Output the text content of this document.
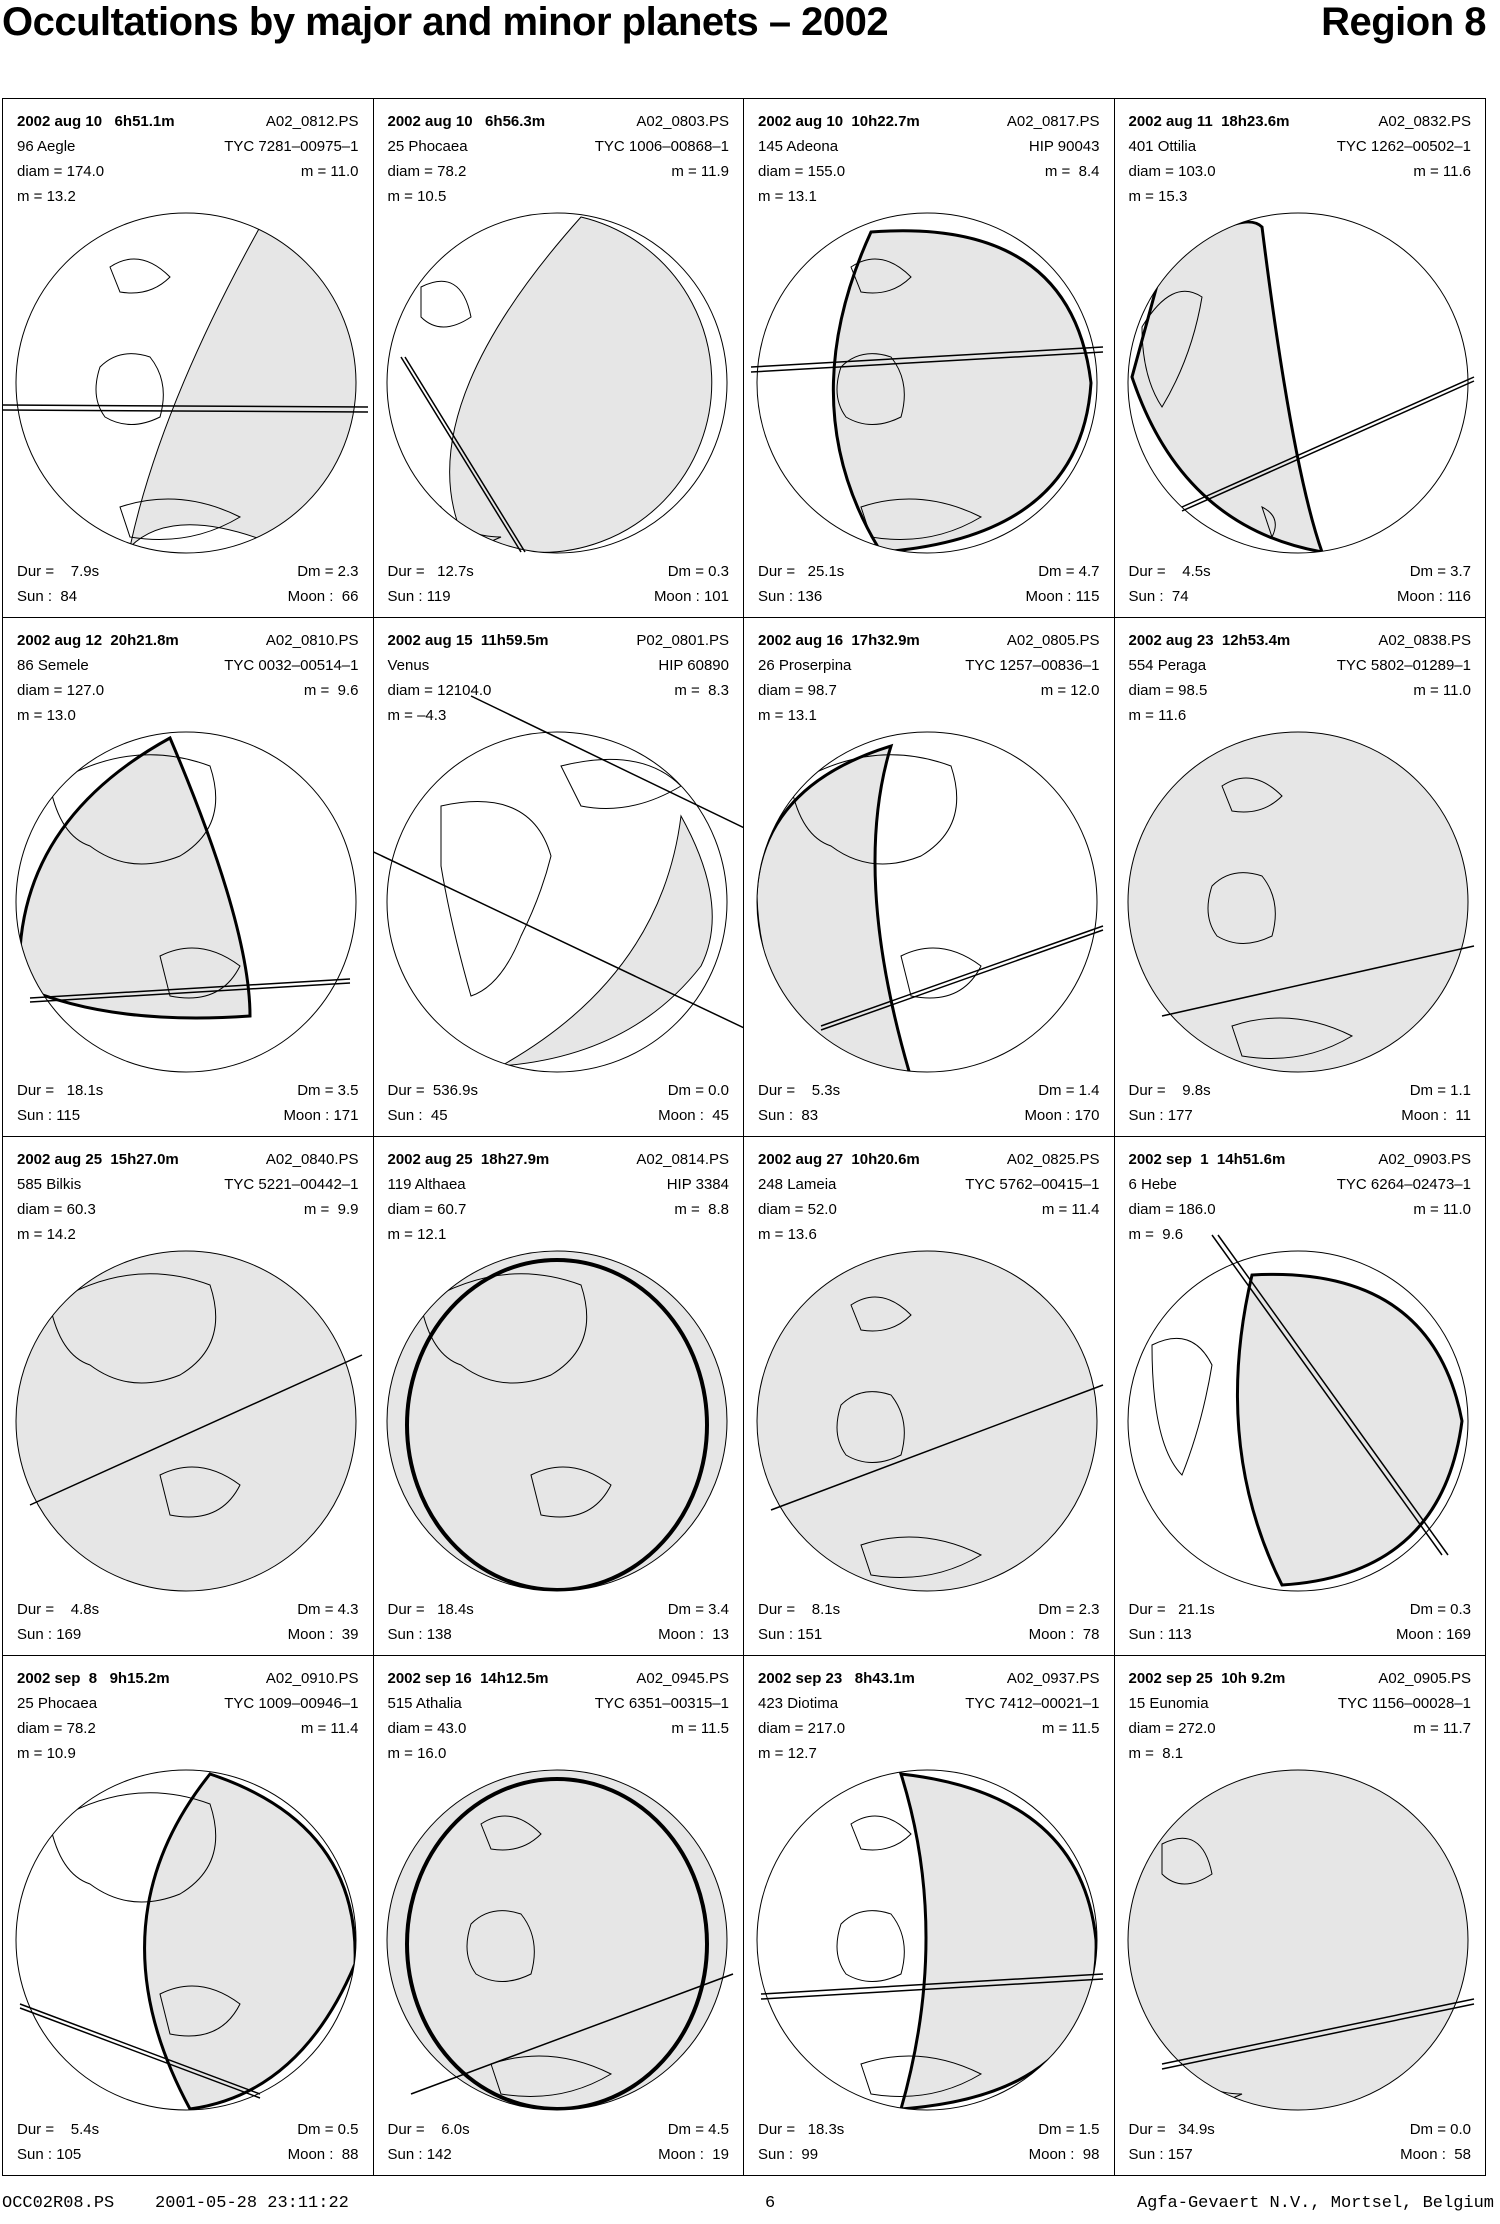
Occultations by major and minor planets – 2002	Region 8
2002 aug 10   6h51.1m	A02_0812.PS
96 Aegle	TYC 7281–00975–1
diam = 174.0	m = 11.0
m = 13.2
Dur =    7.9s	Dm = 2.3
Sun :  84	Moon :  66
2002 aug 10   6h56.3m	A02_0803.PS
25 Phocaea	TYC 1006–00868–1
diam = 78.2	m = 11.9
m = 10.5
Dur =   12.7s	Dm = 0.3
Sun : 119	Moon : 101
2002 aug 10  10h22.7m	A02_0817.PS
145 Adeona	HIP 90043
diam = 155.0	m =  8.4
m = 13.1
Dur =   25.1s	Dm = 4.7
Sun : 136	Moon : 115
2002 aug 11  18h23.6m	A02_0832.PS
401 Ottilia	TYC 1262–00502–1
diam = 103.0	m = 11.6
m = 15.3
Dur =    4.5s	Dm = 3.7
Sun :  74	Moon : 116
2002 aug 12  20h21.8m	A02_0810.PS
86 Semele	TYC 0032–00514–1
diam = 127.0	m =  9.6
m = 13.0
Dur =   18.1s	Dm = 3.5
Sun : 115	Moon : 171
2002 aug 15  11h59.5m	P02_0801.PS
Venus	HIP 60890
diam = 12104.0	m =  8.3
m = –4.3
Dur =  536.9s	Dm = 0.0
Sun :  45	Moon :  45
2002 aug 16  17h32.9m	A02_0805.PS
26 Proserpina	TYC 1257–00836–1
diam = 98.7	m = 12.0
m = 13.1
Dur =    5.3s	Dm = 1.4
Sun :  83	Moon : 170
2002 aug 23  12h53.4m	A02_0838.PS
554 Peraga	TYC 5802–01289–1
diam = 98.5	m = 11.0
m = 11.6
Dur =    9.8s	Dm = 1.1
Sun : 177	Moon :  11
2002 aug 25  15h27.0m	A02_0840.PS
585 Bilkis	TYC 5221–00442–1
diam = 60.3	m =  9.9
m = 14.2
Dur =    4.8s	Dm = 4.3
Sun : 169	Moon :  39
2002 aug 25  18h27.9m	A02_0814.PS
119 Althaea	HIP 3384
diam = 60.7	m =  8.8
m = 12.1
Dur =   18.4s	Dm = 3.4
Sun : 138	Moon :  13
2002 aug 27  10h20.6m	A02_0825.PS
248 Lameia	TYC 5762–00415–1
diam = 52.0	m = 11.4
m = 13.6
Dur =    8.1s	Dm = 2.3
Sun : 151	Moon :  78
2002 sep  1  14h51.6m	A02_0903.PS
6 Hebe	TYC 6264–02473–1
diam = 186.0	m = 11.0
m =  9.6
Dur =   21.1s	Dm = 0.3
Sun : 113	Moon : 169
2002 sep  8   9h15.2m	A02_0910.PS
25 Phocaea	TYC 1009–00946–1
diam = 78.2	m = 11.4
m = 10.9
Dur =    5.4s	Dm = 0.5
Sun : 105	Moon :  88
2002 sep 16  14h12.5m	A02_0945.PS
515 Athalia	TYC 6351–00315–1
diam = 43.0	m = 11.5
m = 16.0
Dur =    6.0s	Dm = 4.5
Sun : 142	Moon :  19
2002 sep 23   8h43.1m	A02_0937.PS
423 Diotima	TYC 7412–00021–1
diam = 217.0	m = 11.5
m = 12.7
Dur =   18.3s	Dm = 1.5
Sun :  99	Moon :  98
2002 sep 25  10h 9.2m	A02_0905.PS
15 Eunomia	TYC 1156–00028–1
diam = 272.0	m = 11.7
m =  8.1
Dur =   34.9s	Dm = 0.0
Sun : 157	Moon :  58
OCC02R08.PS 2001-05-28 23:11:22	6	Agfa-Gevaert N.V., Mortsel, Belgium
